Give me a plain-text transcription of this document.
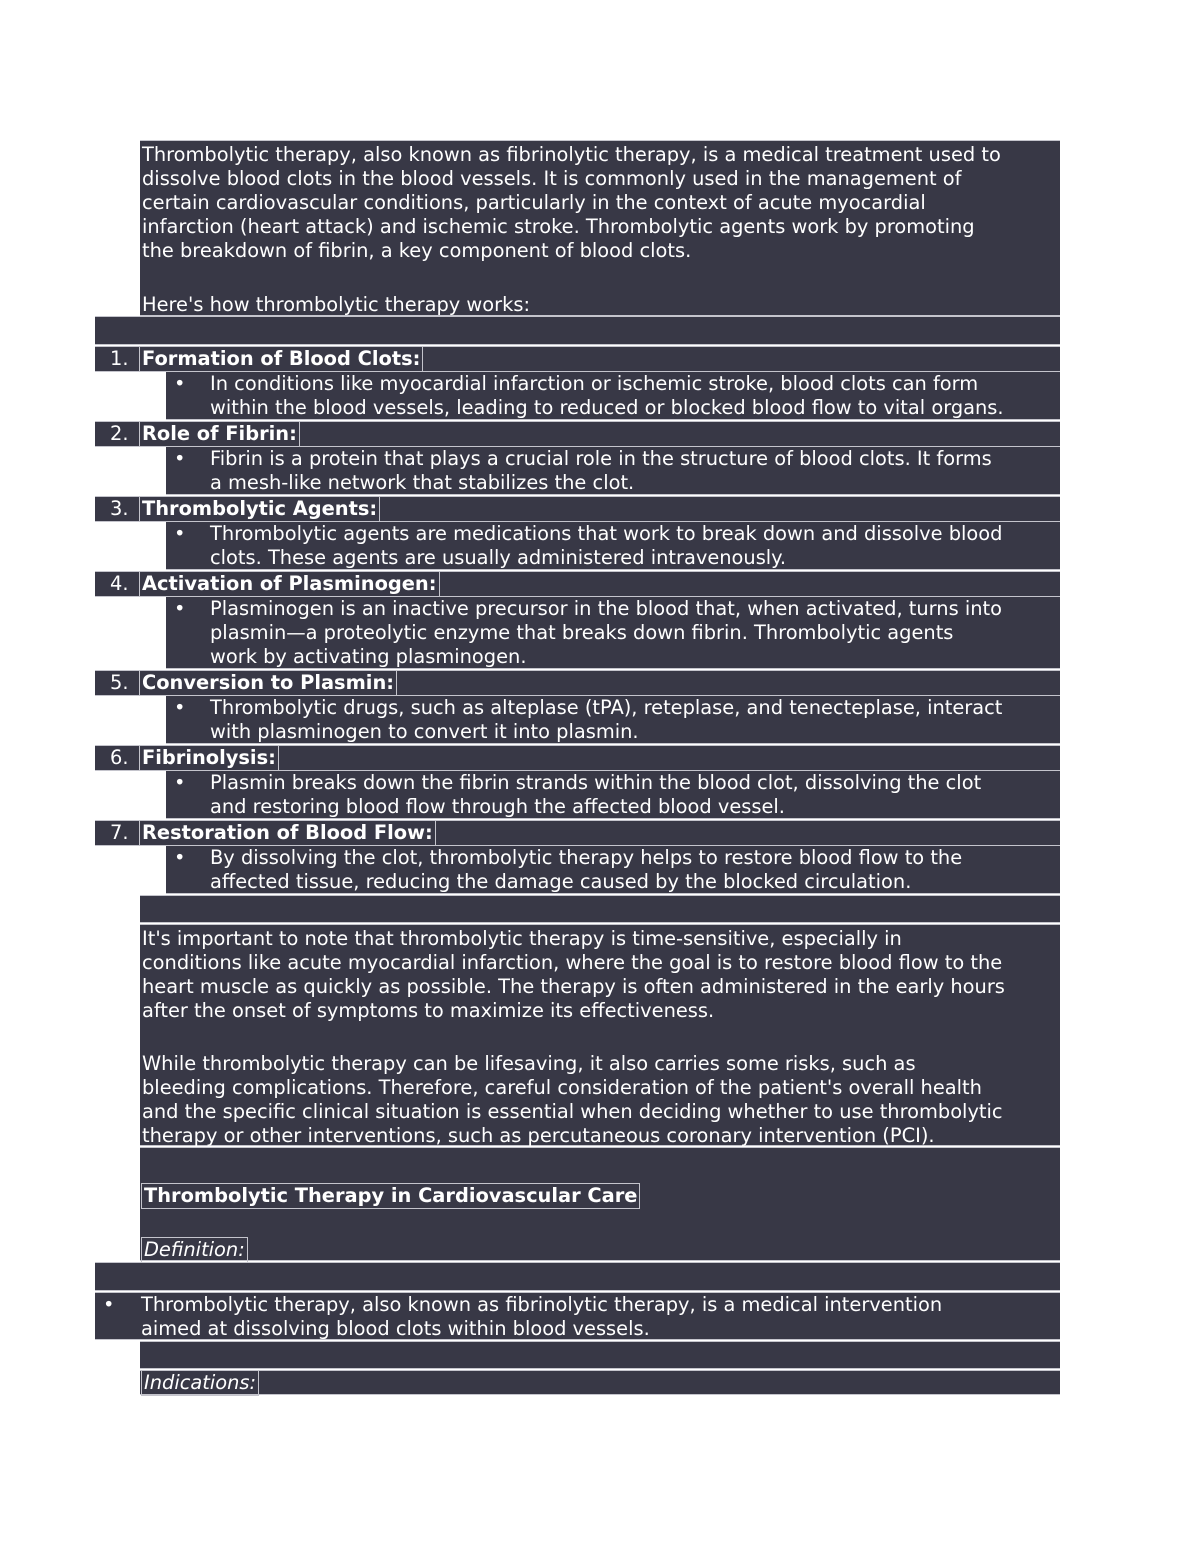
Thrombolytic therapy, also known as fibrinolytic therapy, is a medical treatment used to

dissolve blood clots in the blood vessels. It is commonly used in the management of

certain cardiovascular conditions, particularly in the context of acute myocardial

infarction (heart attack) and ischemic stroke. Thrombolytic agents work by promoting

the breakdown of fibrin, a key component of blood clots.

Here's how thrombolytic therapy works:

1. Formation of Blood Clots:
•	In conditions like myocardial infarction or ischemic stroke, blood clots can form

within the blood vessels, leading to reduced or blocked blood flow to vital organs.

2. Role of Fibrin:
•	Fibrin is a protein that plays a crucial role in the structure of blood clots. It forms

a mesh-like network that stabilizes the clot.

3. Thrombolytic Agents:
•	Thrombolytic agents are medications that work to break down and dissolve blood

clots. These agents are usually administered intravenously.

4. Activation of Plasminogen:
•	Plasminogen is an inactive precursor in the blood that, when activated, turns into

plasmin—a proteolytic enzyme that breaks down fibrin. Thrombolytic agents

work by activating plasminogen.

5. Conversion to Plasmin:
•	Thrombolytic drugs, such as alteplase (tPA), reteplase, and tenecteplase, interact

with plasminogen to convert it into plasmin.

6. Fibrinolysis:
•	Plasmin breaks down the fibrin strands within the blood clot, dissolving the clot

and restoring blood flow through the affected blood vessel.

7. Restoration of Blood Flow:
•	By dissolving the clot, thrombolytic therapy helps to restore blood flow to the

affected tissue, reducing the damage caused by the blocked circulation.

It's important to note that thrombolytic therapy is time-sensitive, especially in

conditions like acute myocardial infarction, where the goal is to restore blood flow to the

heart muscle as quickly as possible. The therapy is often administered in the early hours

after the onset of symptoms to maximize its effectiveness.

While thrombolytic therapy can be lifesaving, it also carries some risks, such as

bleeding complications. Therefore, careful consideration of the patient's overall health

and the specific clinical situation is essential when deciding whether to use thrombolytic

therapy or other interventions, such as percutaneous coronary intervention (PCI).

Thrombolytic Therapy in Cardiovascular Care

Definition:

• Thrombolytic therapy, also known as fibrinolytic therapy, is a medical intervention

aimed at dissolving blood clots within blood vessels.

Indications:
